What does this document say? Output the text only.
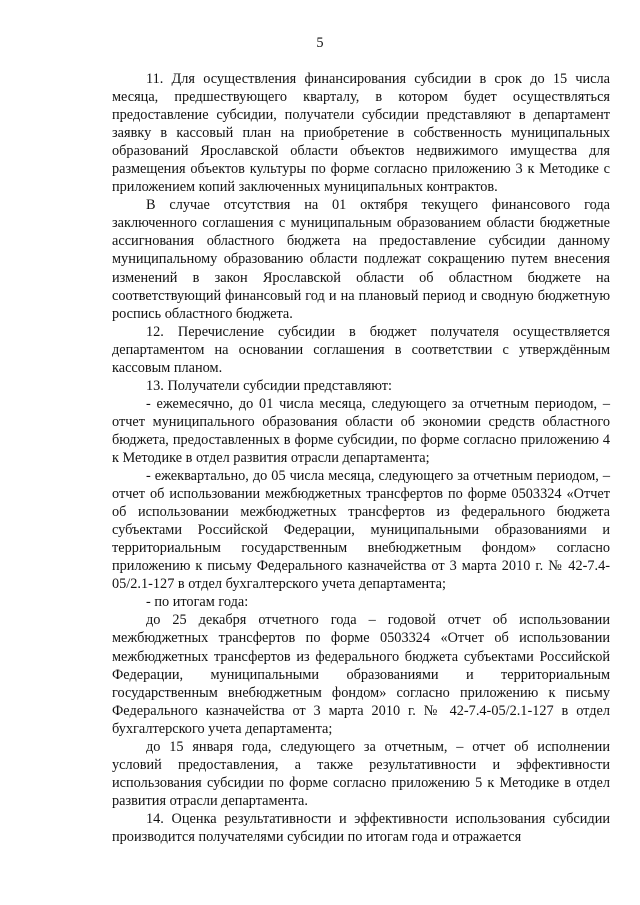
5

11. Для осуществления финансирования субсидии в срок до 15 числа месяца, предшествующего кварталу, в котором будет осуществляться предоставление субсидии, получатели субсидии представляют в департамент заявку в кассовый план на приобретение в собственность муниципальных образований Ярославской области объектов недвижимого имущества для размещения объектов культуры по форме согласно приложению 3 к Методике с приложением копий заключенных муниципальных контрактов.

В случае отсутствия на 01 октября текущего финансового года заключенного соглашения с муниципальным образованием области бюджетные ассигнования областного бюджета на предоставление субсидии данному муниципальному образованию области подлежат сокращению путем внесения изменений в закон Ярославской области об областном бюджете на соответствующий финансовый год и на плановый период и сводную бюджетную роспись областного бюджета.

12. Перечисление субсидии в бюджет получателя осуществляется департаментом на основании соглашения в соответствии с утверждённым кассовым планом.

13. Получатели субсидии представляют:

- ежемесячно, до 01 числа месяца, следующего за отчетным периодом, – отчет муниципального образования области об экономии средств областного бюджета, предоставленных в форме субсидии, по форме согласно приложению 4 к Методике в отдел развития отрасли департамента;

- ежеквартально, до 05 числа месяца, следующего за отчетным периодом, – отчет об использовании межбюджетных трансфертов по форме 0503324 «Отчет об использовании межбюджетных трансфертов из федерального бюджета субъектами Российской Федерации, муниципальными образованиями и территориальным государственным внебюджетным фондом» согласно приложению к письму Федерального казначейства от 3 марта 2010 г. № 42-7.4-05/2.1-127 в отдел бухгалтерского учета департамента;

- по итогам года:

до 25 декабря отчетного года – годовой отчет об использовании межбюджетных трансфертов по форме 0503324 «Отчет об использовании межбюджетных трансфертов из федерального бюджета субъектами Российской Федерации, муниципальными образованиями и территориальным государственным внебюджетным фондом» согласно приложению к письму Федерального казначейства от 3 марта 2010 г. № 42-7.4-05/2.1-127 в отдел бухгалтерского учета департамента;

до 15 января года, следующего за отчетным, – отчет об исполнении условий предоставления, а также результативности и эффективности использования субсидии по форме согласно приложению 5 к Методике в отдел развития отрасли департамента.

14. Оценка результативности и эффективности использования субсидии производится получателями субсидии по итогам года и отражается
